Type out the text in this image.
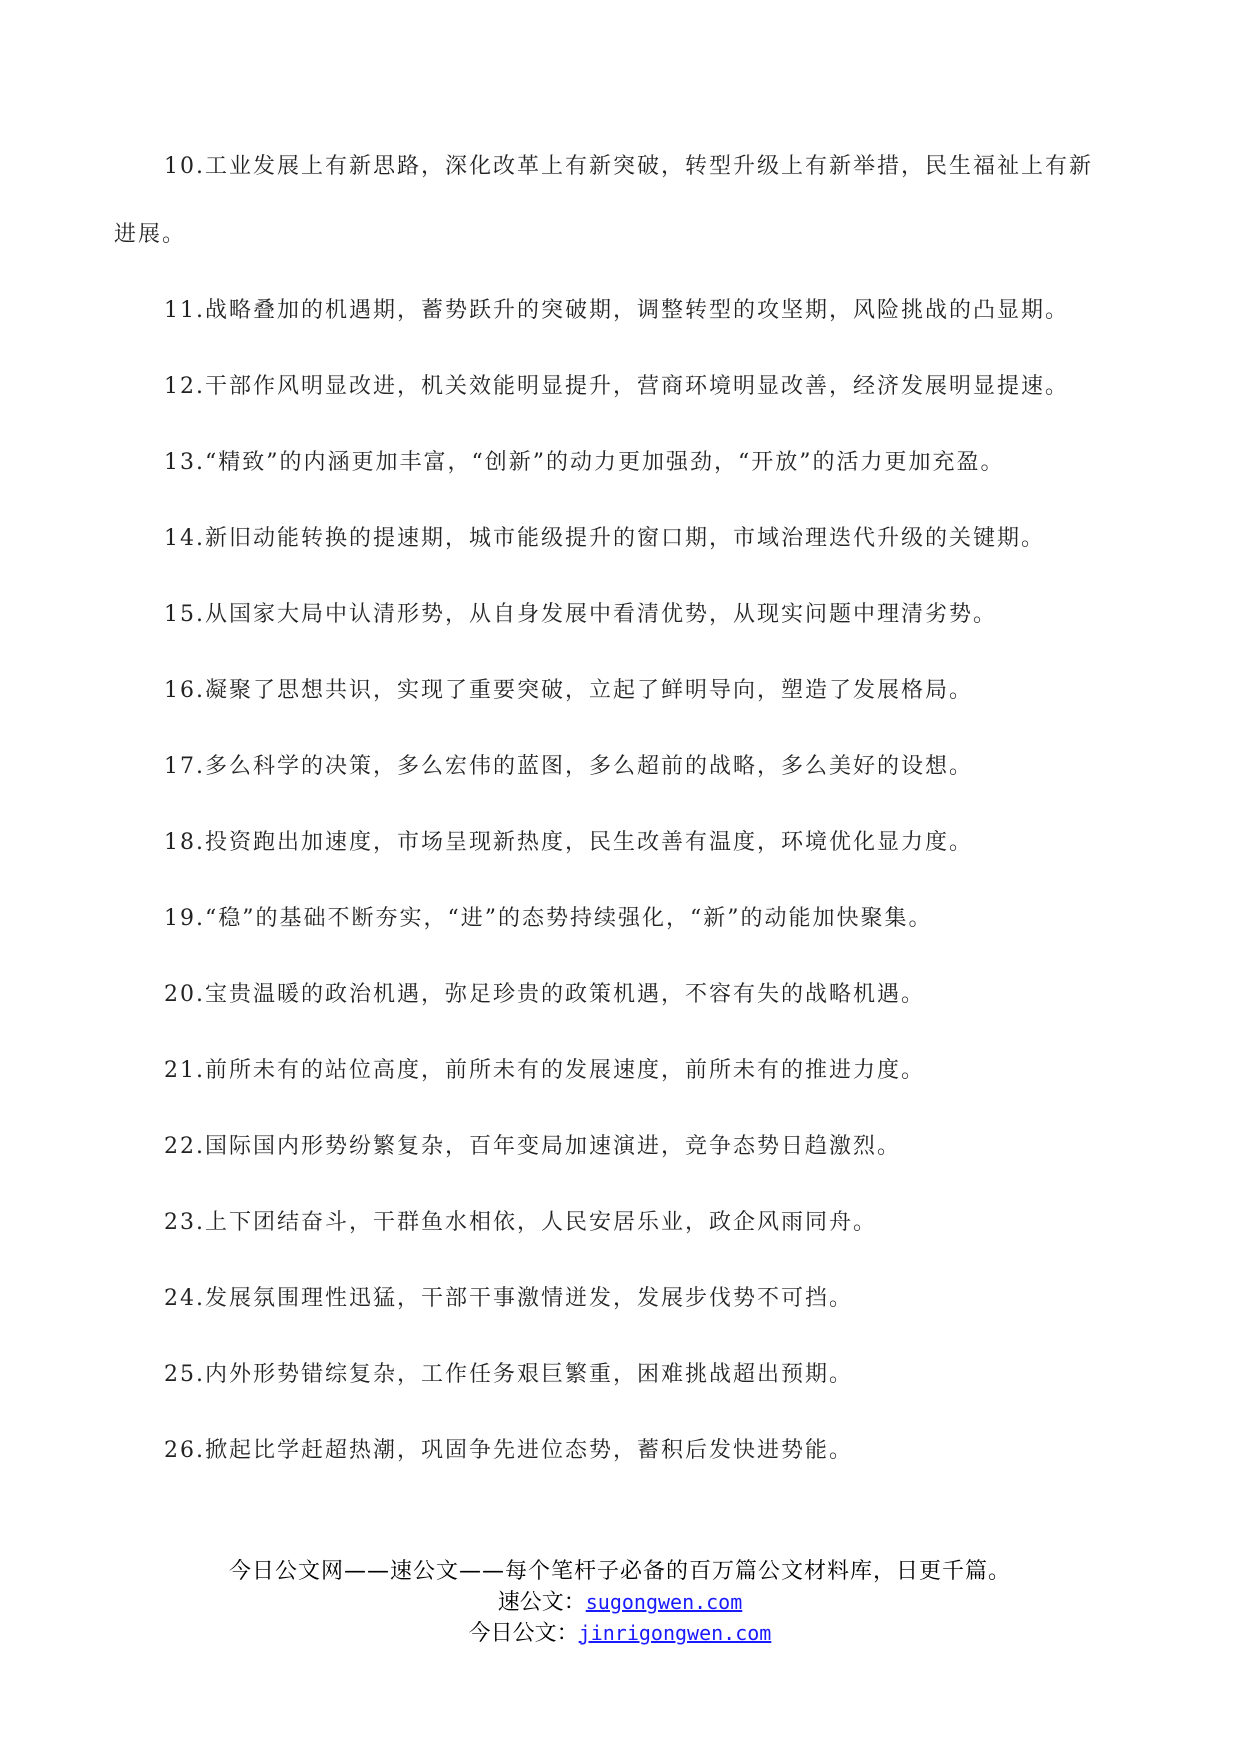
10.工业发展上有新思路，深化改革上有新突破，转型升级上有新举措，民生福祉上有新
进展。

11.战略叠加的机遇期，蓄势跃升的突破期，调整转型的攻坚期，风险挑战的凸显期。

12.干部作风明显改进，机关效能明显提升，营商环境明显改善，经济发展明显提速。

13.“精致”的内涵更加丰富，“创新”的动力更加强劲，“开放”的活力更加充盈。

14.新旧动能转换的提速期，城市能级提升的窗口期，市域治理迭代升级的关键期。

15.从国家大局中认清形势，从自身发展中看清优势，从现实问题中理清劣势。

16.凝聚了思想共识，实现了重要突破，立起了鲜明导向，塑造了发展格局。

17.多么科学的决策，多么宏伟的蓝图，多么超前的战略，多么美好的设想。

18.投资跑出加速度，市场呈现新热度，民生改善有温度，环境优化显力度。

19.“稳”的基础不断夯实，“进”的态势持续强化，“新”的动能加快聚集。

20.宝贵温暖的政治机遇，弥足珍贵的政策机遇，不容有失的战略机遇。

21.前所未有的站位高度，前所未有的发展速度，前所未有的推进力度。

22.国际国内形势纷繁复杂，百年变局加速演进，竞争态势日趋激烈。

23.上下团结奋斗，干群鱼水相依，人民安居乐业，政企风雨同舟。

24.发展氛围理性迅猛，干部干事激情迸发，发展步伐势不可挡。

25.内外形势错综复杂，工作任务艰巨繁重，困难挑战超出预期。

26.掀起比学赶超热潮，巩固争先进位态势，蓄积后发快进势能。

今日公文网——速公文——每个笔杆子必备的百万篇公文材料库，日更千篇。
速公文：sugongwen.com
今日公文：jinrigongwen.com
